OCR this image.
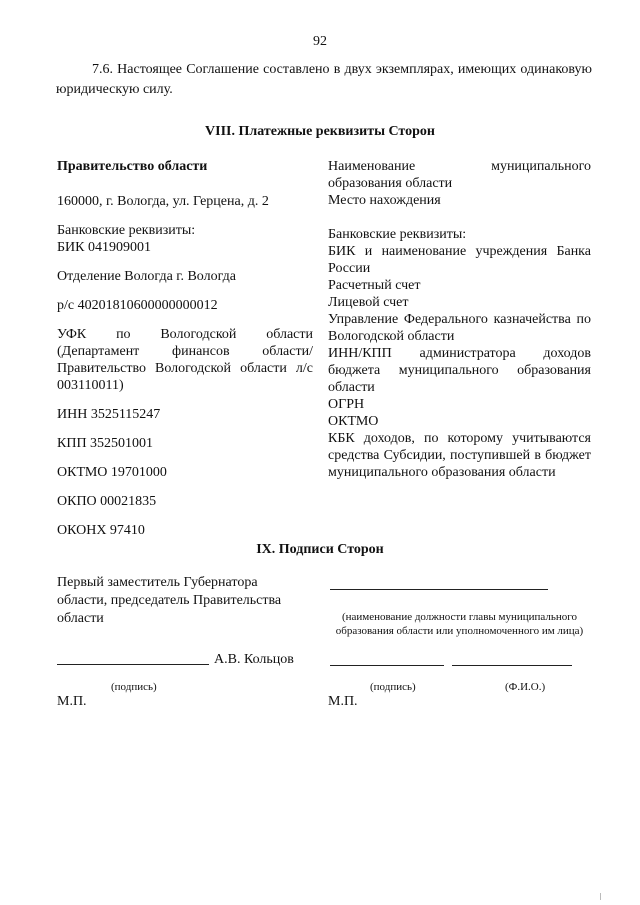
92

7.6. Настоящее Соглашение составлено в двух экземплярах, имеющих одинаковую юридическую силу.

VIII. Платежные реквизиты Сторон

Правительство области

160000, г. Вологда, ул. Герцена, д. 2

Банковские реквизиты:

БИК 041909001

Отделение Вологда г. Вологда

р/с 40201810600000000012

УФК по Вологодской области (Департамент финансов области/Правительство Вологодской области л/с 003110011)

ИНН 3525115247

КПП 352501001

ОКТМО 19701000

ОКПО 00021835

ОКОНХ 97410

Наименование муниципального образования области

Место нахождения

Банковские реквизиты:

БИК и наименование учреждения Банка России

Расчетный счет

Лицевой счет

Управление Федерального казначейства по Вологодской области

ИНН/КПП администратора доходов бюджета муниципального образования области

ОГРН

ОКТМО

КБК доходов, по которому учитываются средства Субсидии, поступившей в бюджет муниципального образования области

IX. Подписи Сторон
Первый заместитель Губернатора области, председатель Правительства области
А.В. Кольцов
(подпись)
М.П.
(наименование должности главы муниципального образования области или уполномоченного им лица)
(подпись)	(Ф.И.О.)
М.П.
